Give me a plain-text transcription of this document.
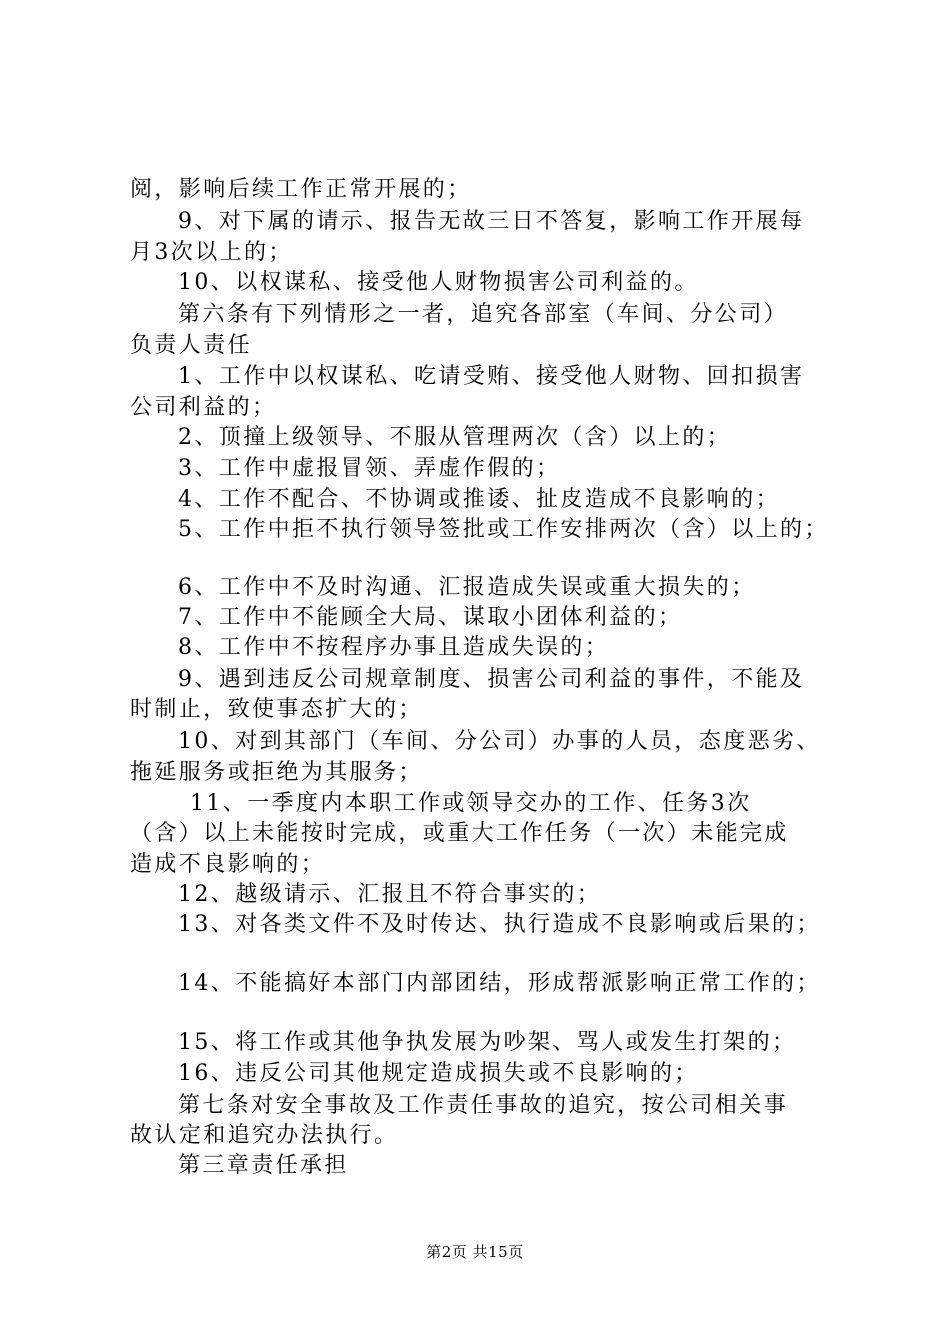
阅，影响后续工作正常开展的；
9、对下属的请示、报告无故三日不答复，影响工作开展每
月3次以上的；
10、以权谋私、接受他人财物损害公司利益的。
第六条有下列情形之一者，追究各部室（车间、分公司）
负责人责任
1、工作中以权谋私、吃请受贿、接受他人财物、回扣损害
公司利益的；
2、顶撞上级领导、不服从管理两次（含）以上的；
3、工作中虚报冒领、弄虚作假的；
4、工作不配合、不协调或推诿、扯皮造成不良影响的；
5、工作中拒不执行领导签批或工作安排两次（含）以上的；
6、工作中不及时沟通、汇报造成失误或重大损失的；
7、工作中不能顾全大局、谋取小团体利益的；
8、工作中不按程序办事且造成失误的；
9、遇到违反公司规章制度、损害公司利益的事件，不能及
时制止，致使事态扩大的；
10、对到其部门（车间、分公司）办事的人员，态度恶劣、
拖延服务或拒绝为其服务；
11、一季度内本职工作或领导交办的工作、任务3次
（含）以上未能按时完成，或重大工作任务（一次）未能完成
造成不良影响的；
12、越级请示、汇报且不符合事实的；
13、对各类文件不及时传达、执行造成不良影响或后果的；
14、不能搞好本部门内部团结，形成帮派影响正常工作的；
15、将工作或其他争执发展为吵架、骂人或发生打架的；
16、违反公司其他规定造成损失或不良影响的；
第七条对安全事故及工作责任事故的追究，按公司相关事
故认定和追究办法执行。
第三章责任承担
第2页 共15页
